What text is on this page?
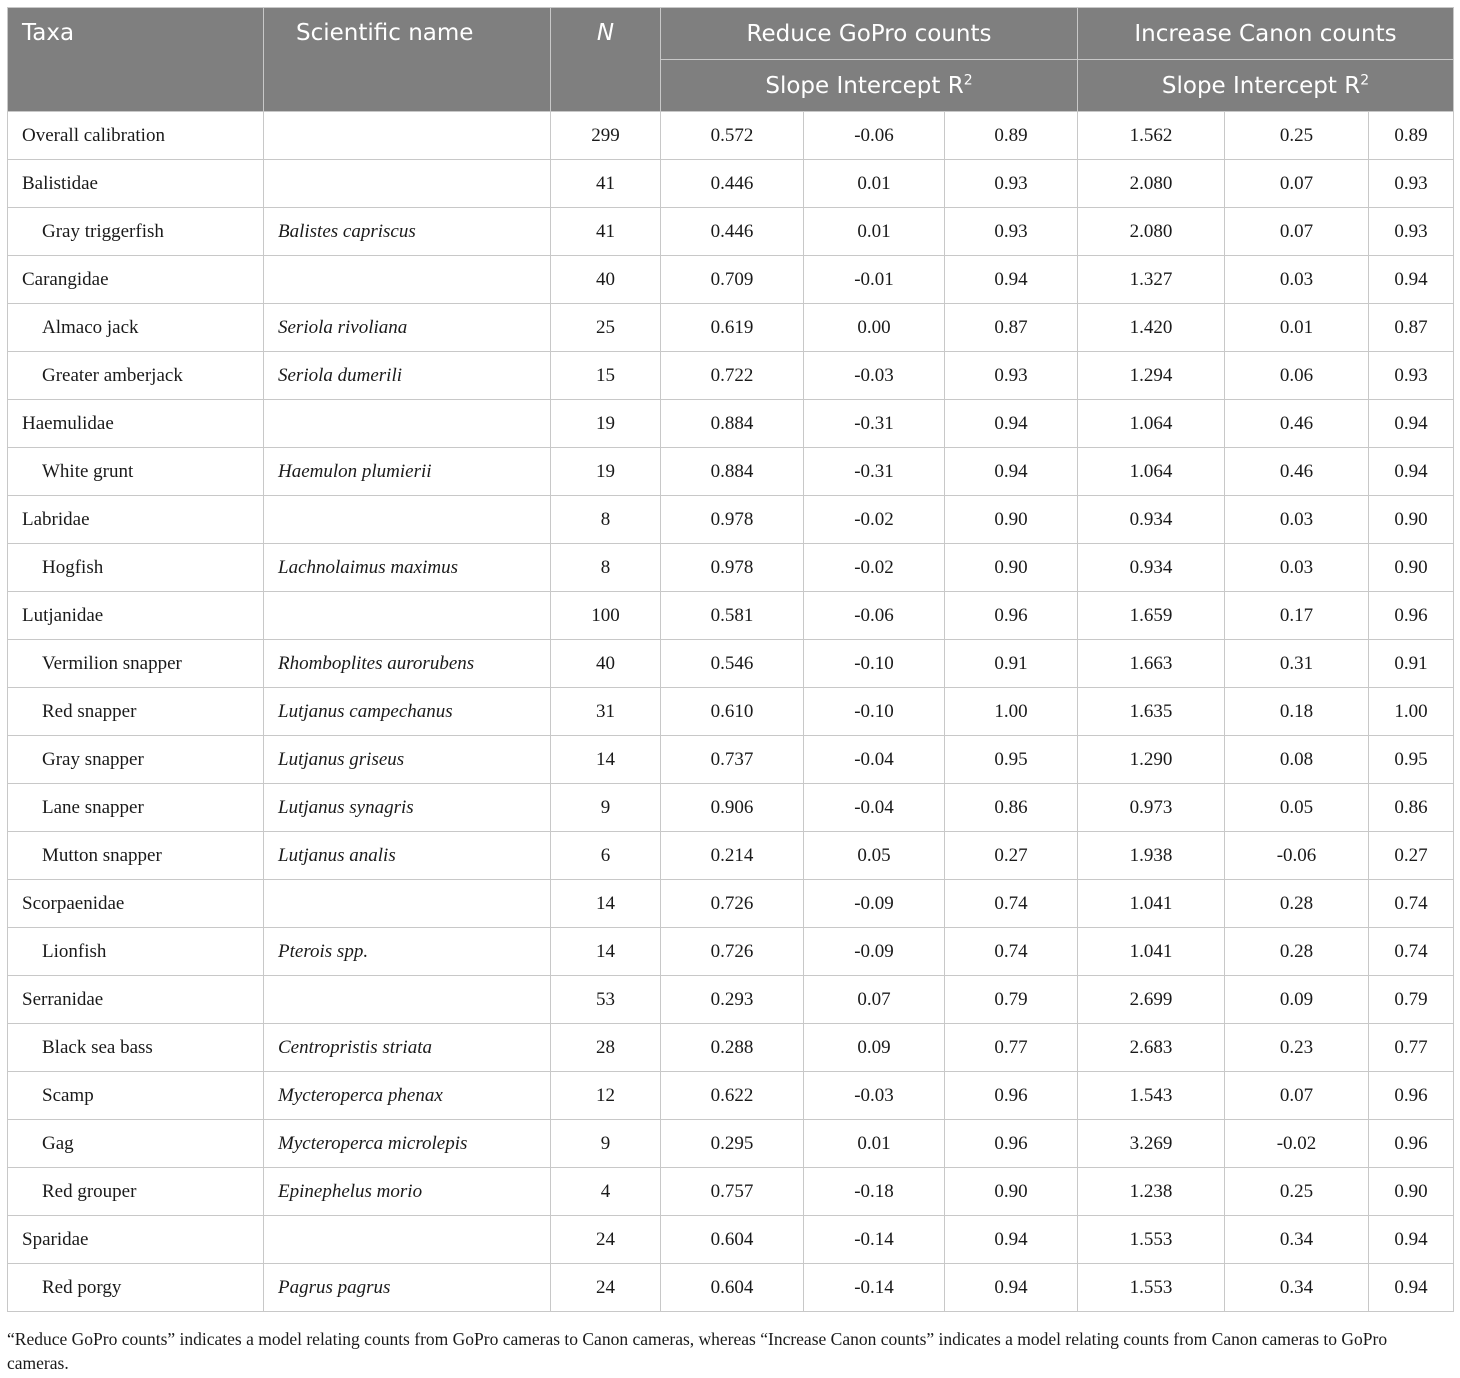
Taxa	Scientific name	N	Reduce GoPro counts			Increase Canon counts		
			Slope Intercept $R^2$			Slope Intercept $R^2$
Overall calibration		299	0.572	-0.06	0.89	1.562	0.25	0.89
Balistidae		41	0.446	0.01	0.93	2.080	0.07	0.93
Gray triggerfish	Balistes capriscus	41	0.446	0.01	0.93	2.080	0.07	0.93
Carangidae		40	0.709	-0.01	0.94	1.327	0.03	0.94
Almaco jack	Seriola rivoliana	25	0.619	0.00	0.87	1.420	0.01	0.87
Greater amberjack	Seriola dumerili	15	0.722	-0.03	0.93	1.294	0.06	0.93
Haemulidae		19	0.884	-0.31	0.94	1.064	0.46	0.94
White grunt	Haemulon plumierii	19	0.884	-0.31	0.94	1.064	0.46	0.94
Labridae		8	0.978	-0.02	0.90	0.934	0.03	0.90
Hogfish	Lachnolaimus maximus	8	0.978	-0.02	0.90	0.934	0.03	0.90
Lutjanidae		100	0.581	-0.06	0.96	1.659	0.17	0.96
Vermilion snapper	Rhomboplites aurorubens	40	0.546	-0.10	0.91	1.663	0.31	0.91
Red snapper	Lutjanus campechanus	31	0.610	-0.10	1.00	1.635	0.18	1.00
Gray snapper	Lutjanus griseus	14	0.737	-0.04	0.95	1.290	0.08	0.95
Lane snapper	Lutjanus synagris	9	0.906	-0.04	0.86	0.973	0.05	0.86
Mutton snapper	Lutjanus analis	6	0.214	0.05	0.27	1.938	-0.06	0.27
Scorpaenidae		14	0.726	-0.09	0.74	1.041	0.28	0.74
Lionfish	Pterois spp.	14	0.726	-0.09	0.74	1.041	0.28	0.74
Serranidae		53	0.293	0.07	0.79	2.699	0.09	0.79
Black sea bass	Centropristis striata	28	0.288	0.09	0.77	2.683	0.23	0.77
Scamp	Mycteroperca phenax	12	0.622	-0.03	0.96	1.543	0.07	0.96
Gag	Mycteroperca microlepis	9	0.295	0.01	0.96	3.269	-0.02	0.96
Red grouper	Epinephelus morio	4	0.757	-0.18	0.90	1.238	0.25	0.90
Sparidae		24	0.604	-0.14	0.94	1.553	0.34	0.94
Red porgy	Pagrus pagrus	24	0.604	-0.14	0.94	1.553	0.34	0.94
“Reduce GoPro counts” indicates a model relating counts from GoPro cameras to Canon cameras, whereas “Increase Canon counts” indicates a model relating counts from Canon cameras to GoPro cameras.
